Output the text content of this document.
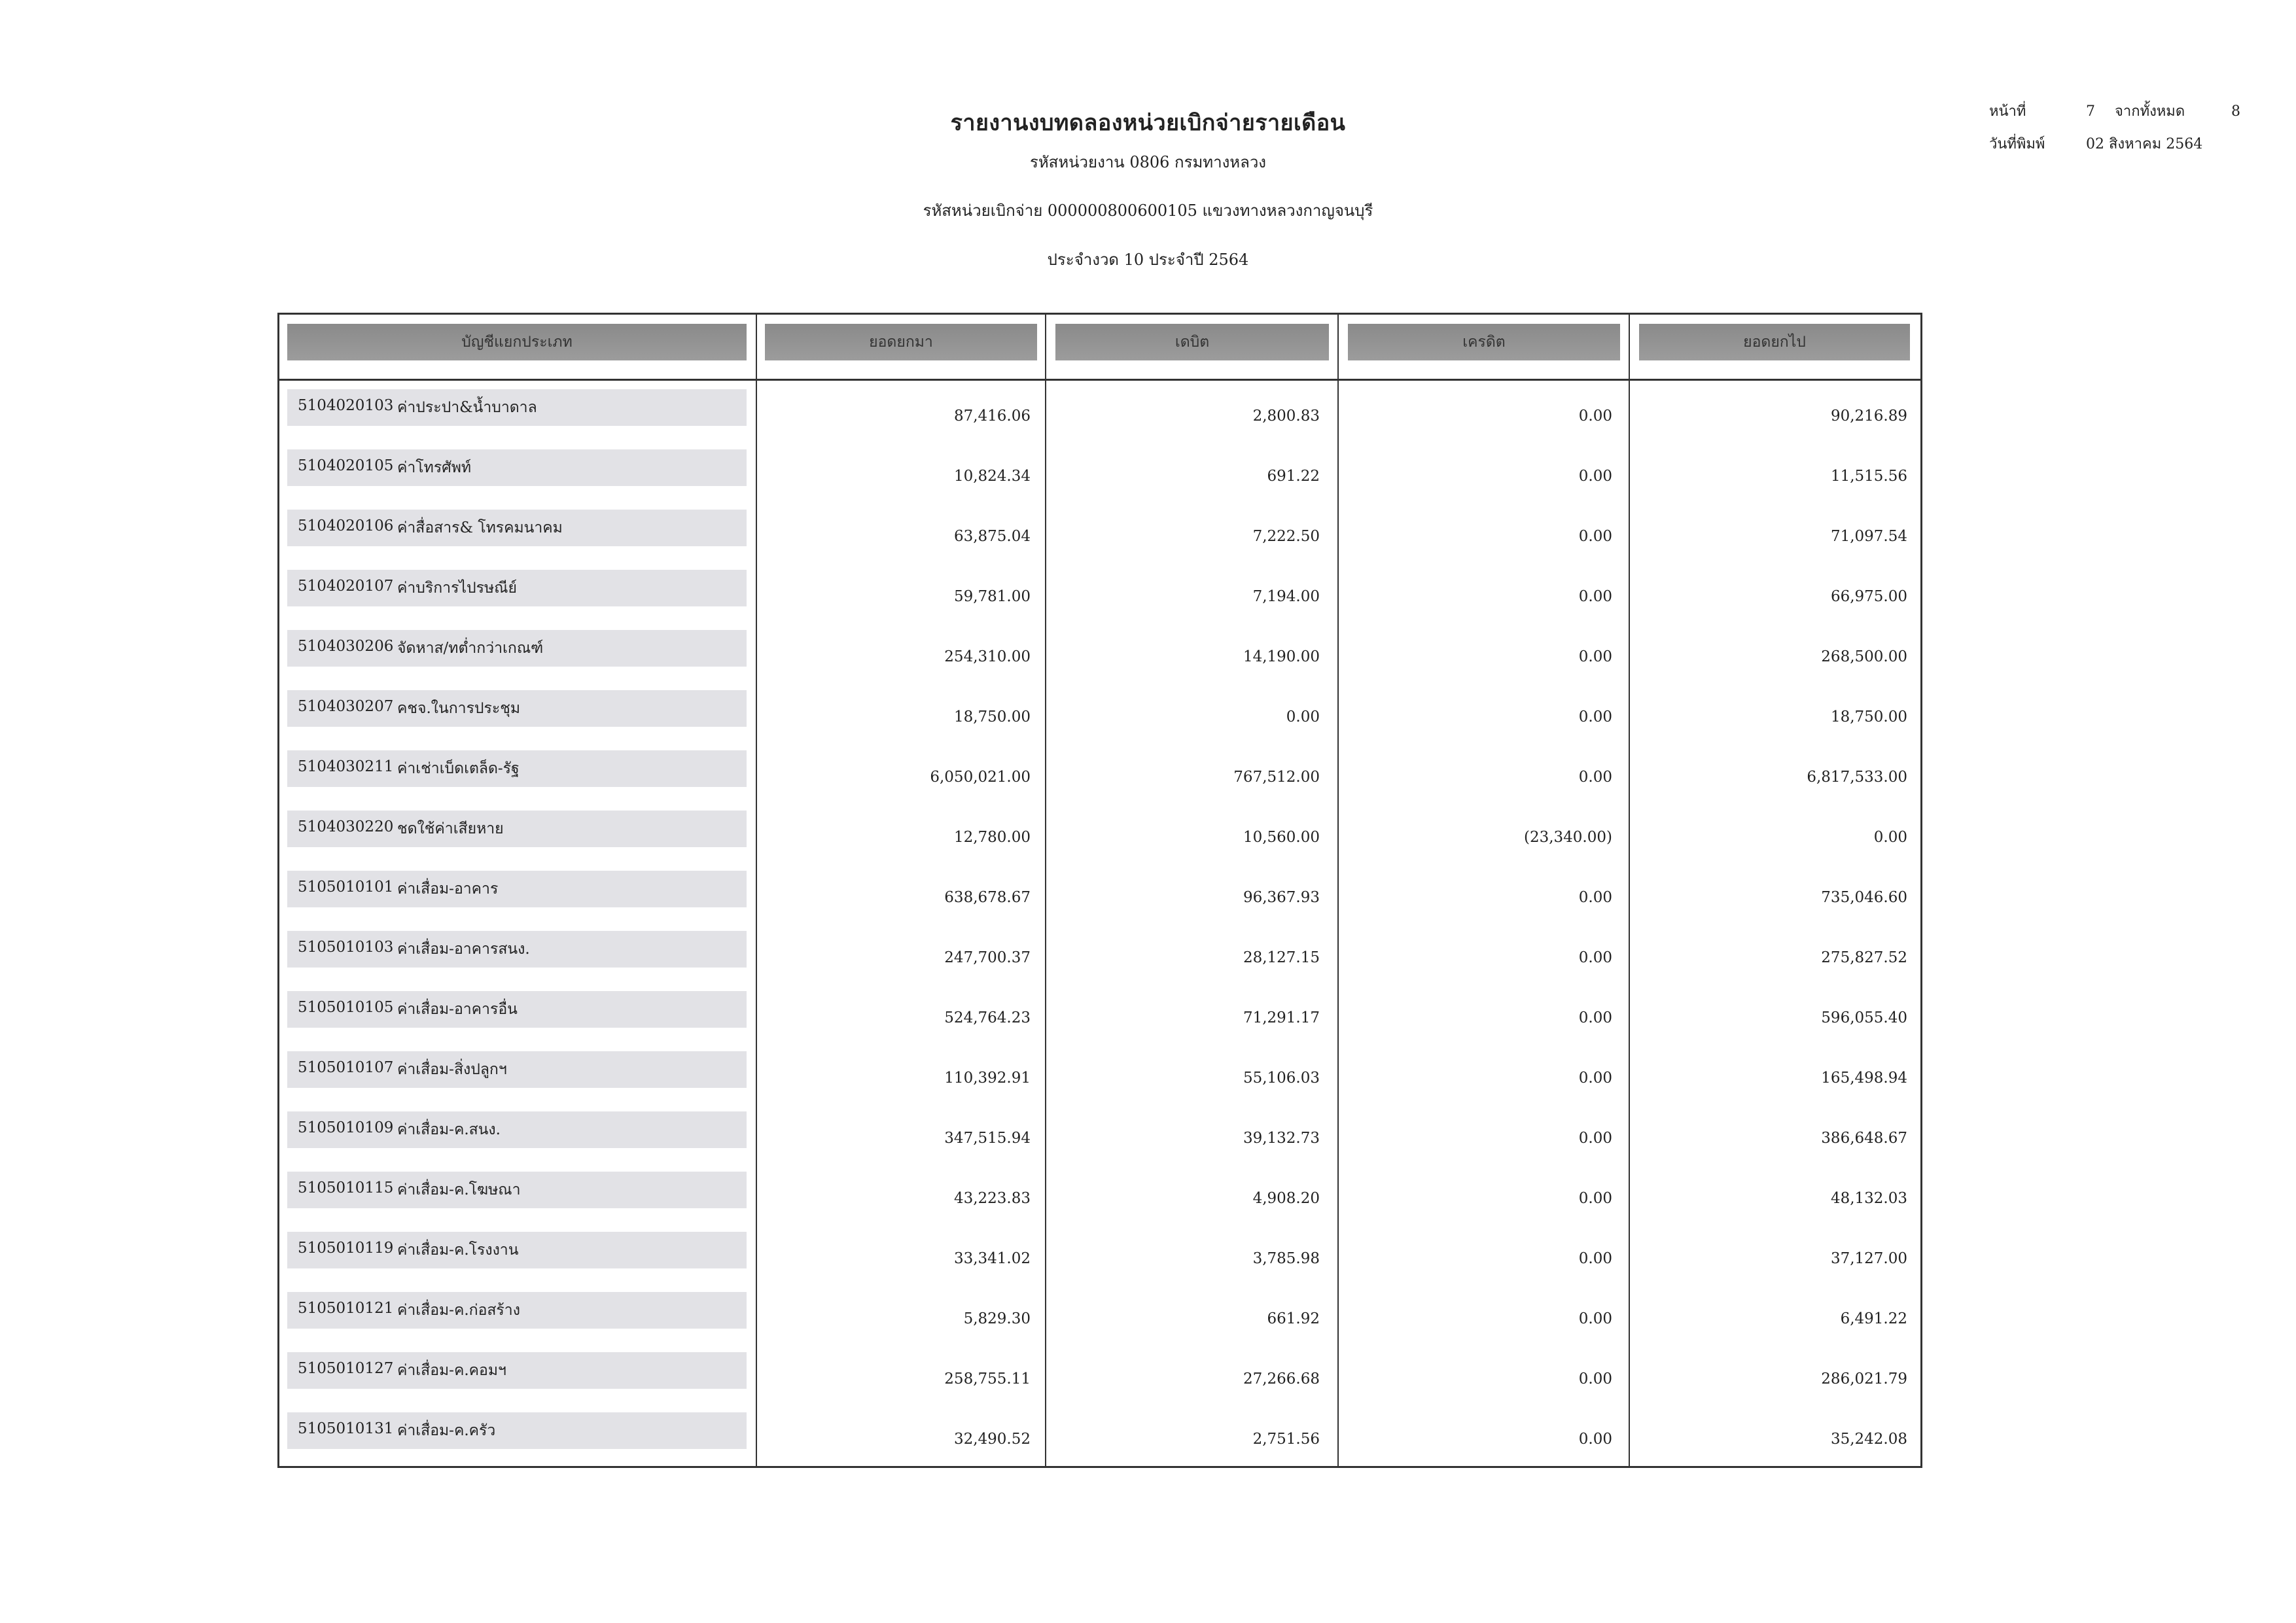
รายงานงบทดลองหน่วยเบิกจ่ายรายเดือน
รหัสหน่วยงาน 0806 กรมทางหลวง
รหัสหน่วยเบิกจ่าย 000000800600105 แขวงทางหลวงกาญจนบุรี
ประจำงวด 10 ประจำปี 2564
หน้าที่	7 จากทั้งหมด	8
วันที่พิมพ์	02 สิงหาคม 2564
บัญชีแยกประเภท	ยอดยกมา	เดบิต	เครดิต	ยอดยกไป
5104020103 ค่าประปา&น้ำบาดาล	87,416.06	2,800.83	0.00	90,216.89
5104020105 ค่าโทรศัพท์	10,824.34	691.22	0.00	11,515.56
5104020106 ค่าสื่อสาร& โทรคมนาคม	63,875.04	7,222.50	0.00	71,097.54
5104020107 ค่าบริการไปรษณีย์	59,781.00	7,194.00	0.00	66,975.00
5104030206 จัดหาส/ทต่ำกว่าเกณฑ์	254,310.00	14,190.00	0.00	268,500.00
5104030207 คชจ.ในการประชุม	18,750.00	0.00	0.00	18,750.00
5104030211 ค่าเช่าเบ็ดเตล็ด-รัฐ	6,050,021.00	767,512.00	0.00	6,817,533.00
5104030220 ชดใช้ค่าเสียหาย	12,780.00	10,560.00	(23,340.00)	0.00
5105010101 ค่าเสื่อม-อาคาร	638,678.67	96,367.93	0.00	735,046.60
5105010103 ค่าเสื่อม-อาคารสนง.	247,700.37	28,127.15	0.00	275,827.52
5105010105 ค่าเสื่อม-อาคารอื่น	524,764.23	71,291.17	0.00	596,055.40
5105010107 ค่าเสื่อม-สิ่งปลูกฯ	110,392.91	55,106.03	0.00	165,498.94
5105010109 ค่าเสื่อม-ค.สนง.	347,515.94	39,132.73	0.00	386,648.67
5105010115 ค่าเสื่อม-ค.โฆษณา	43,223.83	4,908.20	0.00	48,132.03
5105010119 ค่าเสื่อม-ค.โรงงาน	33,341.02	3,785.98	0.00	37,127.00
5105010121 ค่าเสื่อม-ค.ก่อสร้าง	5,829.30	661.92	0.00	6,491.22
5105010127 ค่าเสื่อม-ค.คอมฯ	258,755.11	27,266.68	0.00	286,021.79
5105010131 ค่าเสื่อม-ค.ครัว	32,490.52	2,751.56	0.00	35,242.08
